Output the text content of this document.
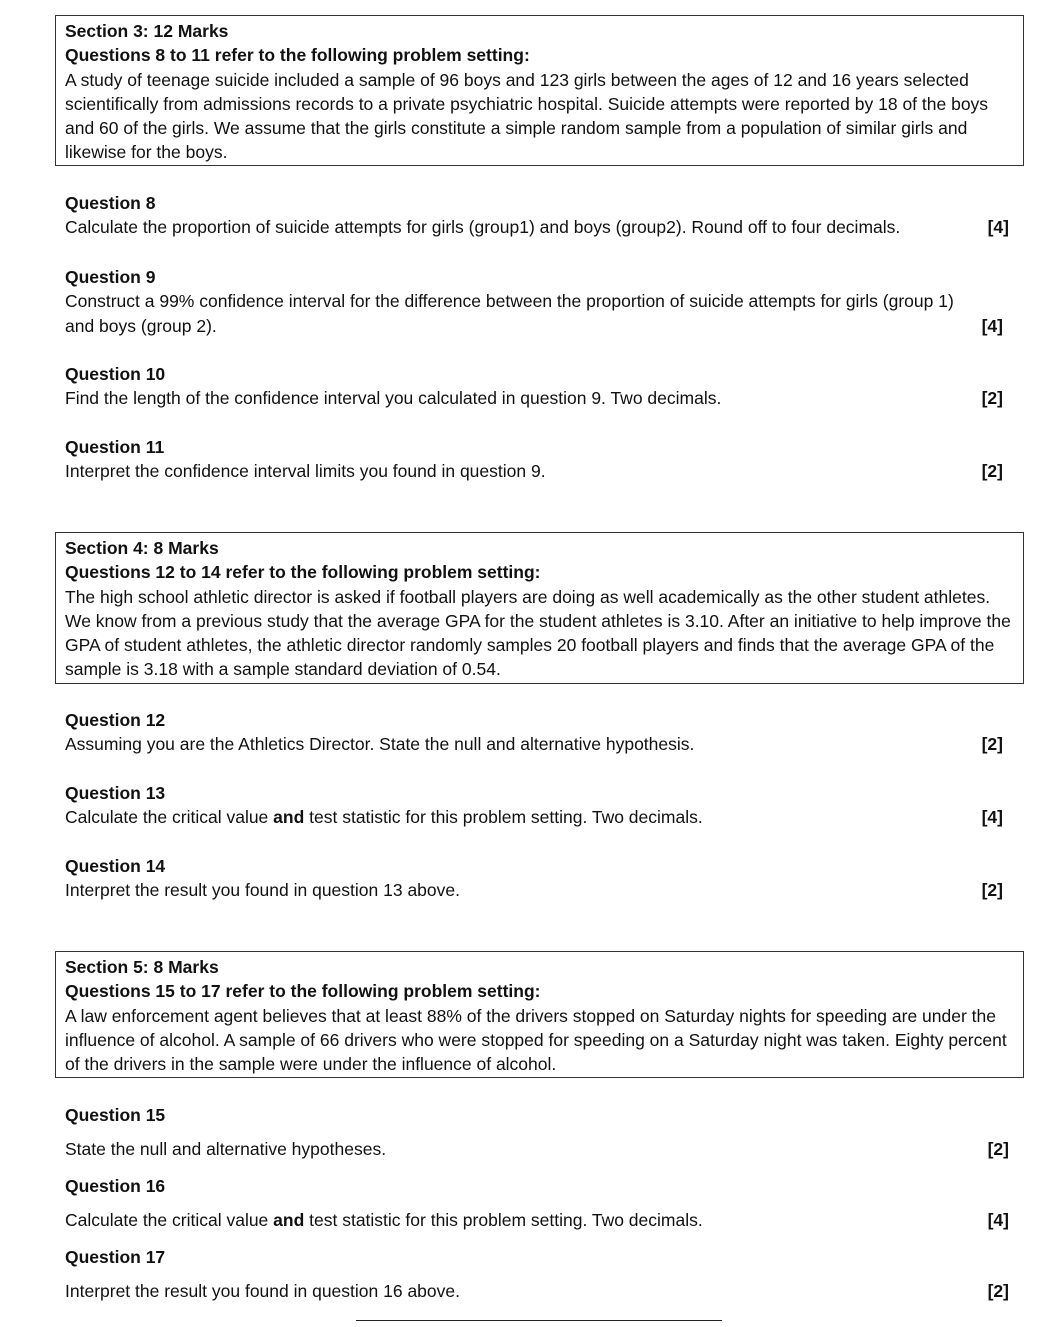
Section 3: 12 Marks
Questions 8 to 11 refer to the following problem setting:
A study of teenage suicide included a sample of 96 boys and 123 girls between the ages of 12 and 16 years selected scientifically from admissions records to a private psychiatric hospital. Suicide attempts were reported by 18 of the boys and 60 of the girls. We assume that the girls constitute a simple random sample from a population of similar girls and likewise for the boys.
Question 8
Calculate the proportion of suicide attempts for girls (group1) and boys (group2). Round off to four decimals.	[4]
Question 9
Construct a 99% confidence interval for the difference between the proportion of suicide attempts for girls (group 1)
and boys (group 2).	[4]
Question 10
Find the length of the confidence interval you calculated in question 9. Two decimals.	[2]
Question 11
Interpret the confidence interval limits you found in question 9.	[2]
Section 4: 8 Marks
Questions 12 to 14 refer to the following problem setting:
The high school athletic director is asked if football players are doing as well academically as the other student athletes. We know from a previous study that the average GPA for the student athletes is 3.10. After an initiative to help improve the GPA of student athletes, the athletic director randomly samples 20 football players and finds that the average GPA of the sample is 3.18 with a sample standard deviation of 0.54.
Question 12
Assuming you are the Athletics Director. State the null and alternative hypothesis.	[2]
Question 13
Calculate the critical value and test statistic for this problem setting. Two decimals.	[4]
Question 14
Interpret the result you found in question 13 above.	[2]
Section 5: 8 Marks
Questions 15 to 17 refer to the following problem setting:
A law enforcement agent believes that at least 88% of the drivers stopped on Saturday nights for speeding are under the influence of alcohol. A sample of 66 drivers who were stopped for speeding on a Saturday night was taken. Eighty percent of the drivers in the sample were under the influence of alcohol.
Question 15
State the null and alternative hypotheses.	[2]
Question 16
Calculate the critical value and test statistic for this problem setting. Two decimals.	[4]
Question 17
Interpret the result you found in question 16 above.	[2]
